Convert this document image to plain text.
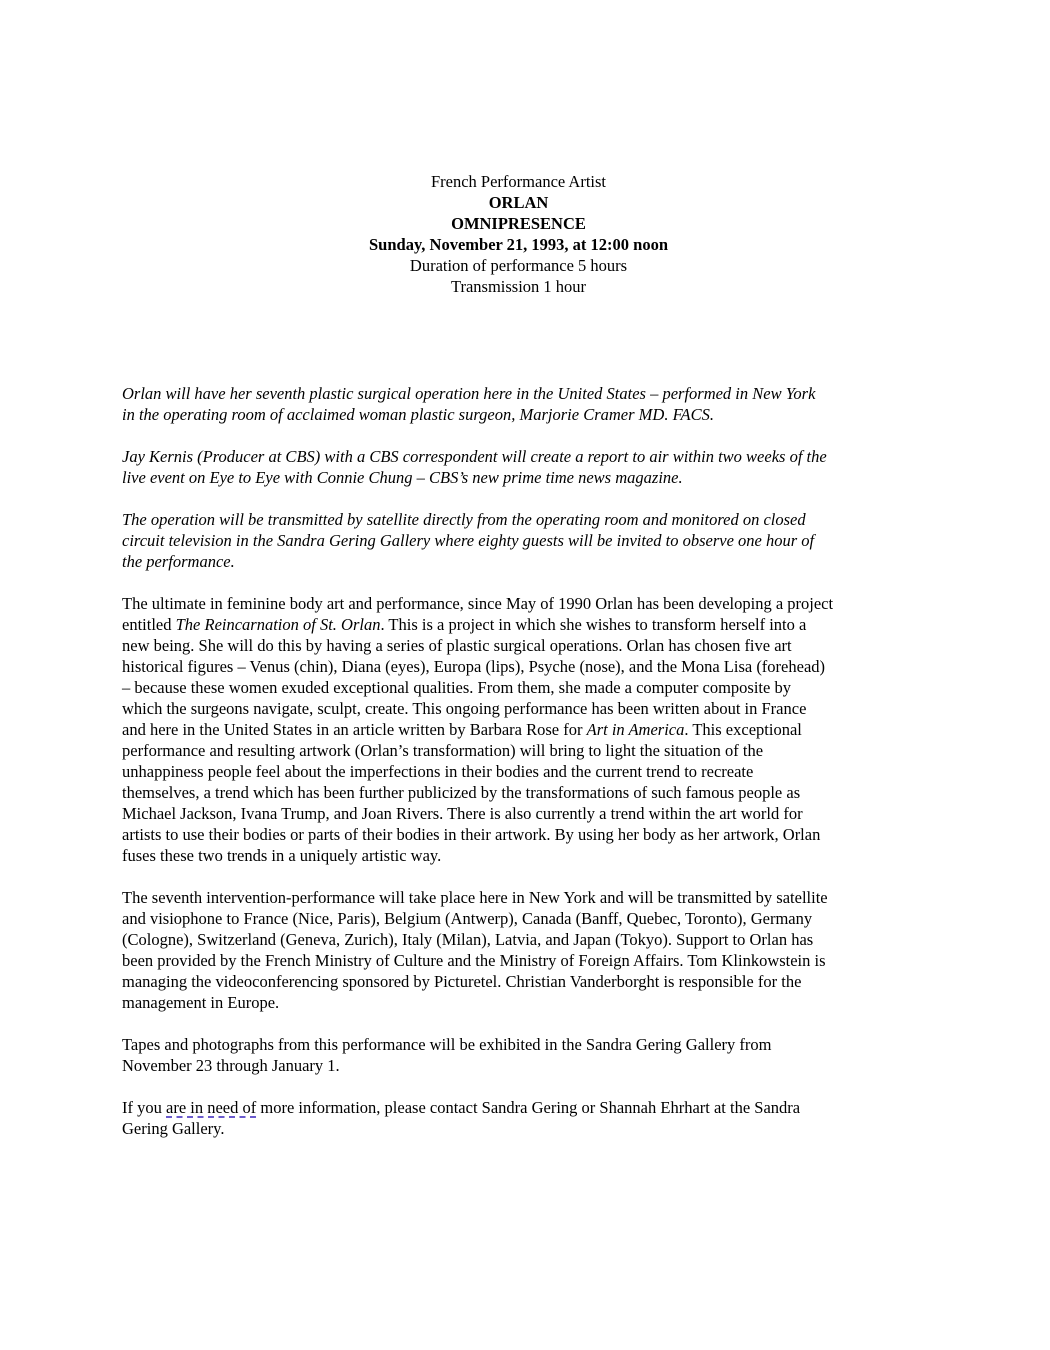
French Performance Artist
ORLAN
OMNIPRESENCE
Sunday, November 21, 1993, at 12:00 noon
Duration of performance 5 hours
Transmission 1 hour
Orlan will have her seventh plastic surgical operation here in the United States – performed in New York
in the operating room of acclaimed woman plastic surgeon, Marjorie Cramer MD. FACS.
Jay Kernis (Producer at CBS) with a CBS correspondent will create a report to air within two weeks of the
live event on Eye to Eye with Connie Chung – CBS’s new prime time news magazine.
The operation will be transmitted by satellite directly from the operating room and monitored on closed
circuit television in the Sandra Gering Gallery where eighty guests will be invited to observe one hour of
the performance.
The ultimate in feminine body art and performance, since May of 1990 Orlan has been developing a project
entitled The Reincarnation of St. Orlan. This is a project in which she wishes to transform herself into a
new being. She will do this by having a series of plastic surgical operations. Orlan has chosen five art
historical figures – Venus (chin), Diana (eyes), Europa (lips), Psyche (nose), and the Mona Lisa (forehead)
– because these women exuded exceptional qualities. From them, she made a computer composite by
which the surgeons navigate, sculpt, create. This ongoing performance has been written about in France
and here in the United States in an article written by Barbara Rose for Art in America. This exceptional
performance and resulting artwork (Orlan’s transformation) will bring to light the situation of the
unhappiness people feel about the imperfections in their bodies and the current trend to recreate
themselves, a trend which has been further publicized by the transformations of such famous people as
Michael Jackson, Ivana Trump, and Joan Rivers. There is also currently a trend within the art world for
artists to use their bodies or parts of their bodies in their artwork. By using her body as her artwork, Orlan
fuses these two trends in a uniquely artistic way.
The seventh intervention-performance will take place here in New York and will be transmitted by satellite
and visiophone to France (Nice, Paris), Belgium (Antwerp), Canada (Banff, Quebec, Toronto), Germany
(Cologne), Switzerland (Geneva, Zurich), Italy (Milan), Latvia, and Japan (Tokyo). Support to Orlan has
been provided by the French Ministry of Culture and the Ministry of Foreign Affairs. Tom Klinkowstein is
managing the videoconferencing sponsored by Picturetel. Christian Vanderborght is responsible for the
management in Europe.
Tapes and photographs from this performance will be exhibited in the Sandra Gering Gallery from
November 23 through January 1.
If you are in need of more information, please contact Sandra Gering or Shannah Ehrhart at the Sandra
Gering Gallery.
